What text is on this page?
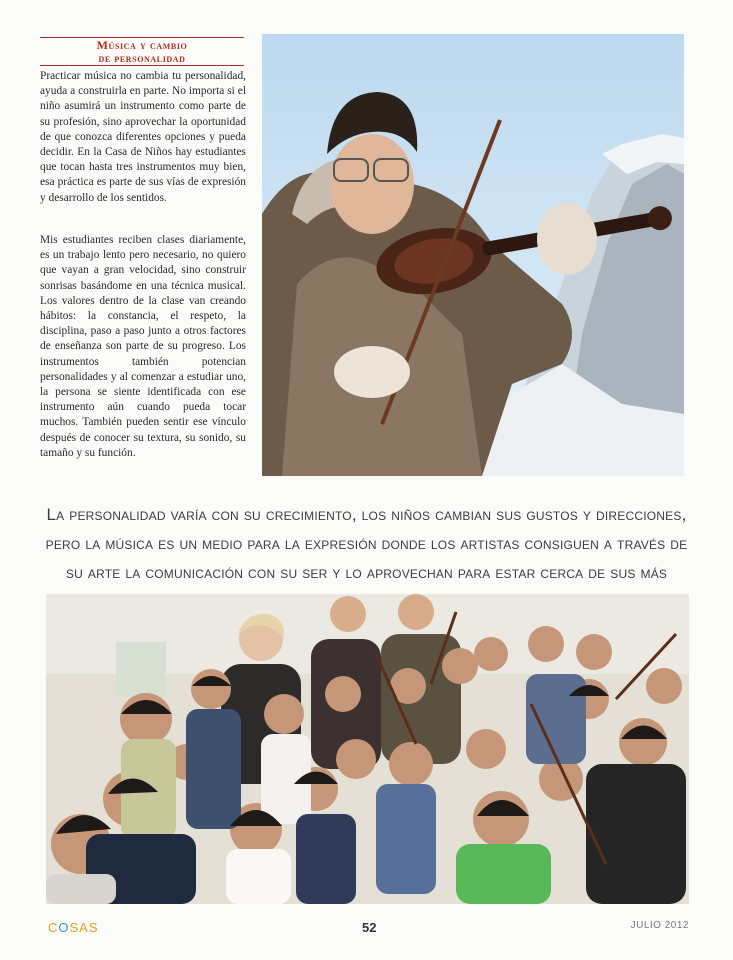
Música y cambio
de personalidad
Practicar música no cambia tu personalidad, ayuda a construirla en parte. No importa si el niño asumirá un instrumento como parte de su profesión, sino aprovechar la oportunidad de que conozca diferentes opciones y pueda decidir. En la Casa de Niños hay estudiantes que tocan hasta tres instrumentos muy bien, esa práctica es parte de sus vías de expresión y desarrollo de los sentidos.
Mis estudiantes reciben clases diariamente, es un trabajo lento pero necesario, no quiero que vayan a gran velocidad, sino construir sonrisas basándome en una técnica musical. Los valores dentro de la clase van creando hábitos: la constancia, el respeto, la disciplina, paso a paso junto a otros factores de enseñanza son parte de su progreso. Los instrumentos también potencian personalidades y al comenzar a estudiar uno, la persona se siente identificada con ese instrumento aún cuando pueda tocar muchos. También pueden sentir ese vínculo después de conocer su textura, su sonido, su tamaño y su función.
La personalidad varía con su crecimiento, los niños cambian sus gustos y direcciones, pero la música es un medio para la expresión donde los artistas consiguen a través de su arte la comunicación con su ser y lo aprovechan para estar cerca de sus más
COSAS	52	JULIO 2012
